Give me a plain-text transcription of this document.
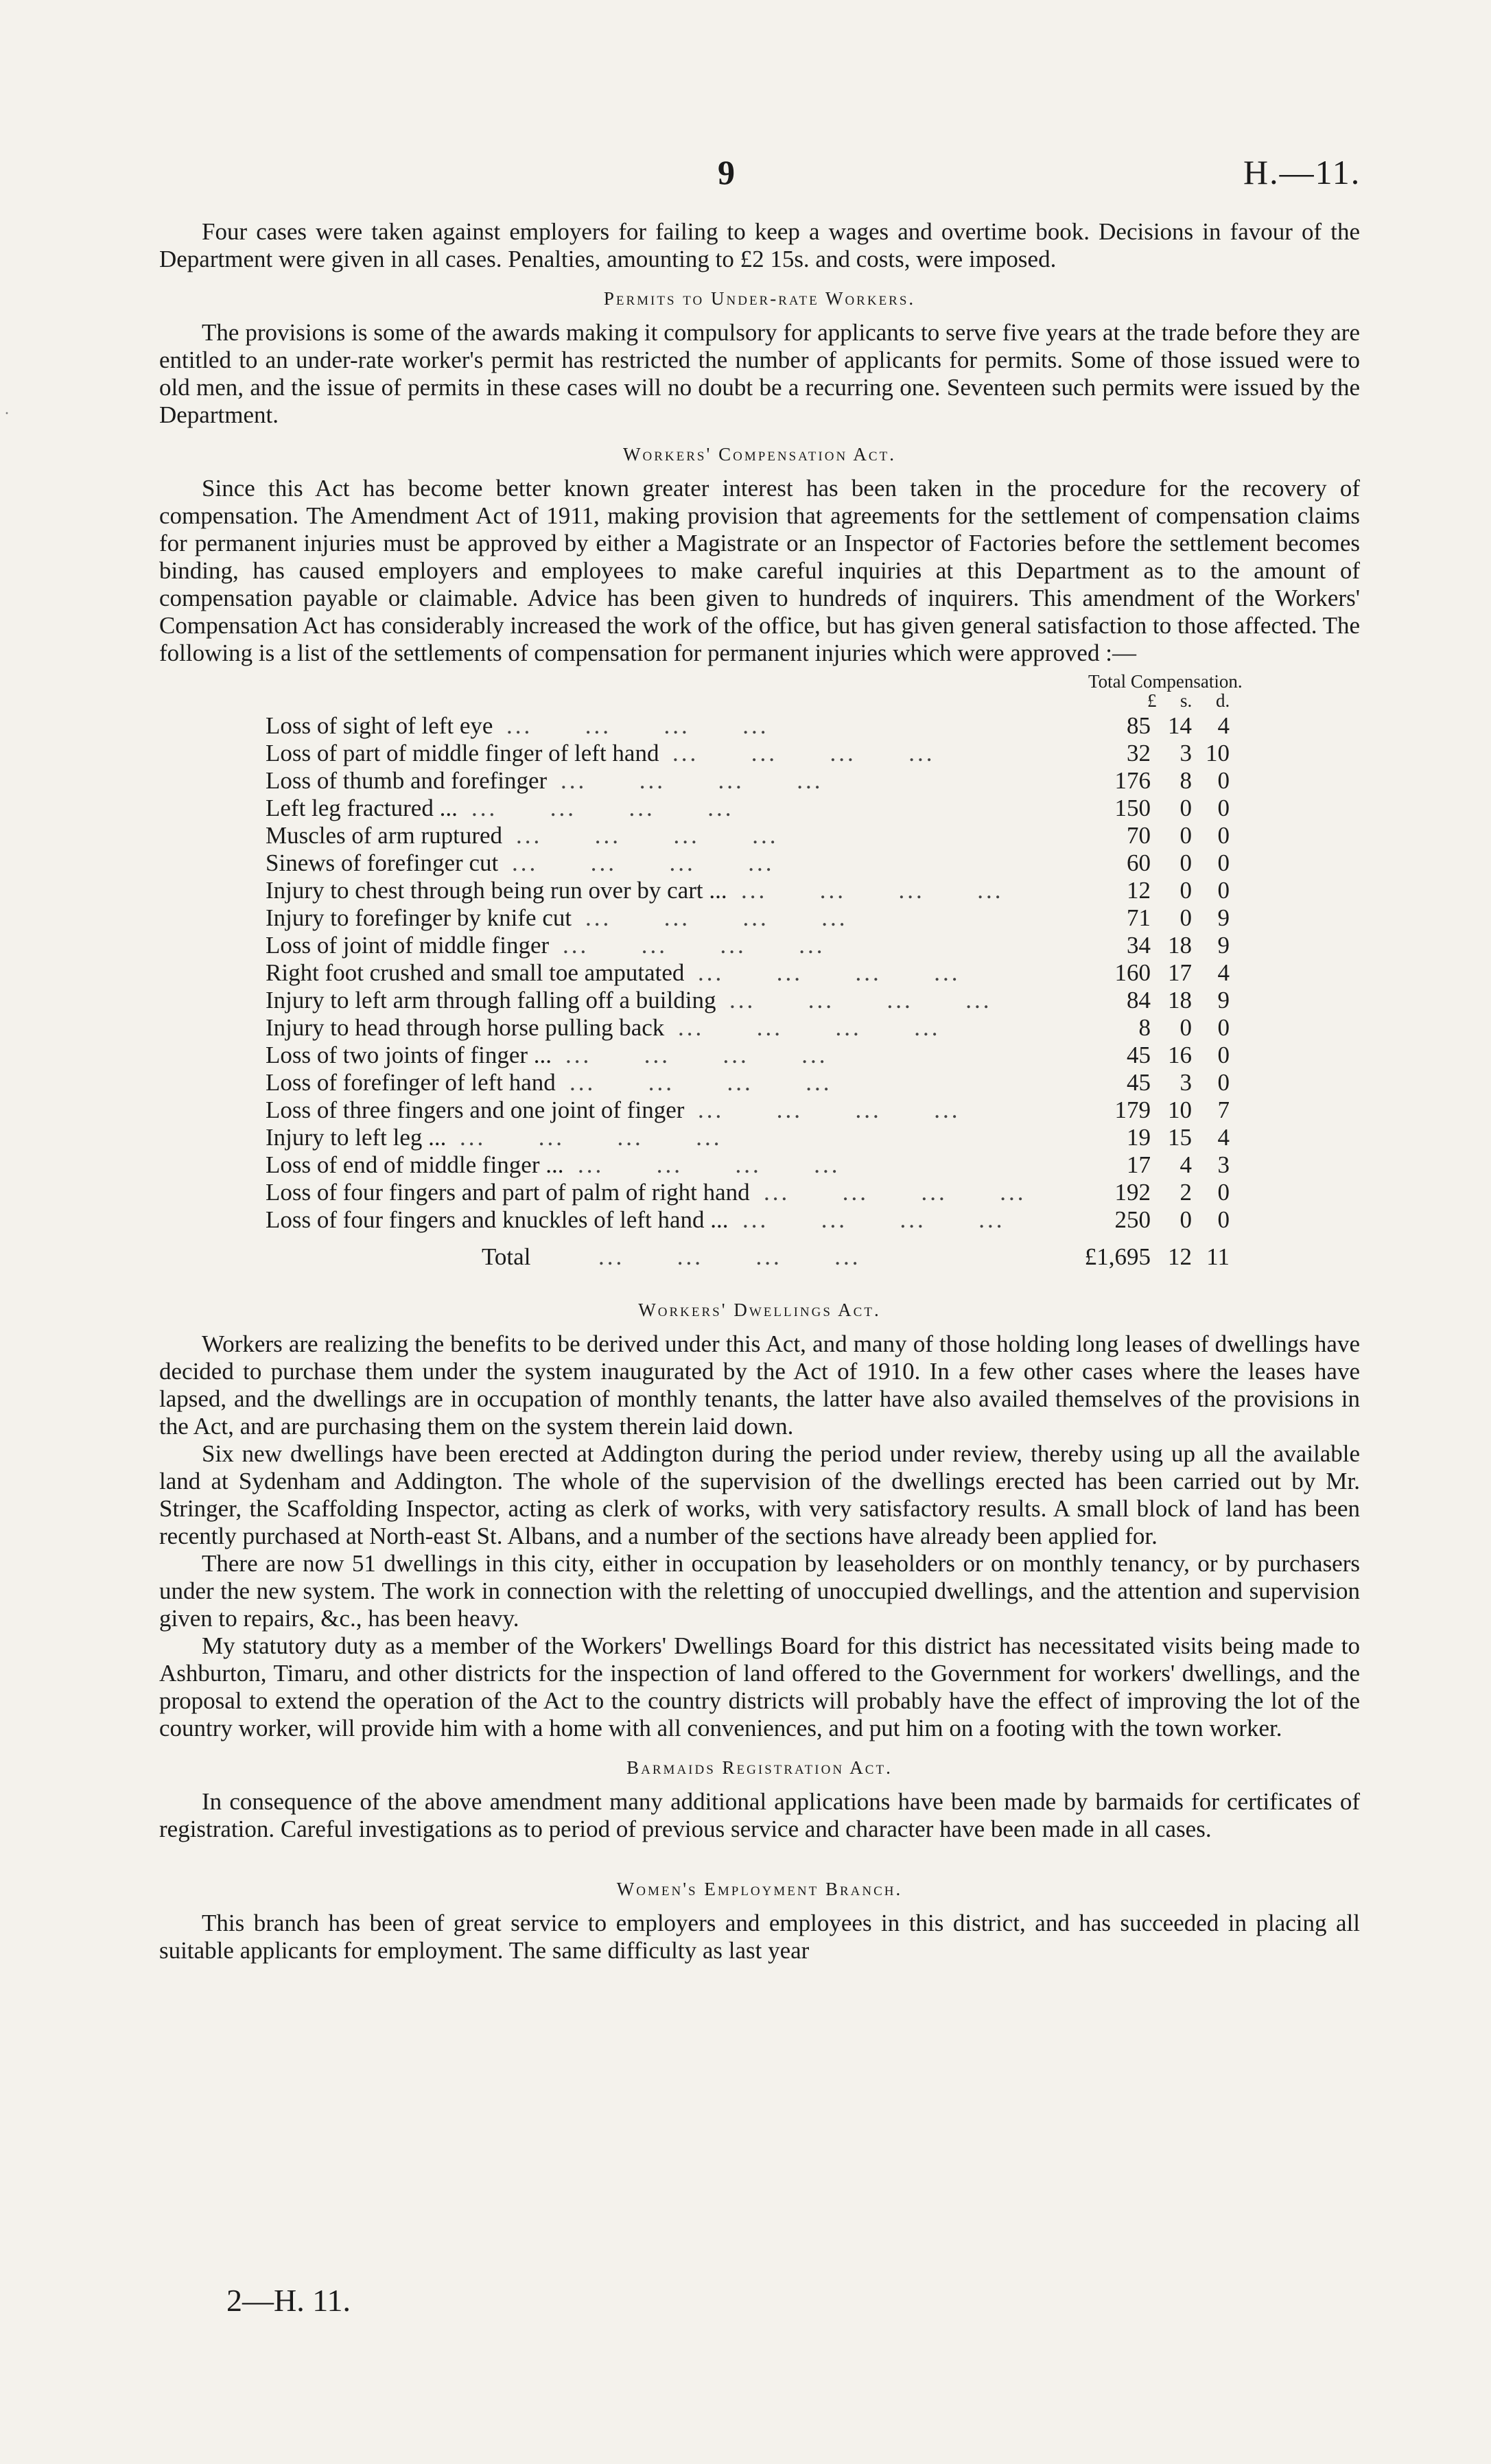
9	H.—11.

Four cases were taken against employers for failing to keep a wages and overtime book. Decisions in favour of the Department were given in all cases. Penalties, amounting to £2 15s. and costs, were imposed.

Permits to Under-rate Workers.

The provisions is some of the awards making it compulsory for applicants to serve five years at the trade before they are entitled to an under-rate worker's permit has restricted the number of applicants for permits. Some of those issued were to old men, and the issue of permits in these cases will no doubt be a recurring one. Seventeen such permits were issued by the Department.

Workers' Compensation Act.

Since this Act has become better known greater interest has been taken in the procedure for the recovery of compensation. The Amendment Act of 1911, making provision that agreements for the settlement of compensation claims for permanent injuries must be approved by either a Magistrate or an Inspector of Factories before the settlement becomes binding, has caused employers and employees to make careful inquiries at this Department as to the amount of compensation payable or claimable. Advice has been given to hundreds of inquirers. This amendment of the Workers' Compensation Act has considerably increased the work of the office, but has given general satisfaction to those affected. The following is a list of the settlements of compensation for permanent injuries which were approved :—

Total Compensation.
£ s. d.
Loss of sight of left eye ...      ...      ...      ...	85 14	4
Loss of part of middle finger of left hand ...      ...      ...      ...	32	3 10
Loss of thumb and forefinger ...      ...      ...      ...	176	8	0
Left leg fractured ... ...      ...      ...      ...	150	0	0
Muscles of arm ruptured ...      ...      ...      ...	70	0	0
Sinews of forefinger cut ...      ...      ...      ...	60	0	0
Injury to chest through being run over by cart ... ...      ...      ...      ...	12	0	0
Injury to forefinger by knife cut ...      ...      ...      ...	71	0	9
Loss of joint of middle finger ...      ...      ...      ...	34 18	9
Right foot crushed and small toe amputated ...      ...      ...      ...	160 17	4
Injury to left arm through falling off a building ...      ...      ...      ...	84 18	9
Injury to head through horse pulling back ...      ...      ...      ...	8	0	0
Loss of two joints of finger ... ...      ...      ...      ...	45 16	0
Loss of forefinger of left hand ...      ...      ...      ...	45	3	0
Loss of three fingers and one joint of finger ...      ...      ...      ...	179 10	7
Injury to left leg ... ...      ...      ...      ...	19 15	4
Loss of end of middle finger ... ...      ...      ...      ...	17	4	3
Loss of four fingers and part of palm of right hand ...      ...      ...      ...	192	2	0
Loss of four fingers and knuckles of left hand ... ...      ...      ...      ...	250	0	0
Total	...      ...      ...      ...	£1,695 12 11
Workers' Dwellings Act.

Workers are realizing the benefits to be derived under this Act, and many of those holding long leases of dwellings have decided to purchase them under the system inaugurated by the Act of 1910. In a few other cases where the leases have lapsed, and the dwellings are in occupation of monthly tenants, the latter have also availed themselves of the provisions in the Act, and are purchasing them on the system therein laid down.

Six new dwellings have been erected at Addington during the period under review, thereby using up all the available land at Sydenham and Addington. The whole of the supervision of the dwellings erected has been carried out by Mr. Stringer, the Scaffolding Inspector, acting as clerk of works, with very satisfactory results. A small block of land has been recently purchased at North-east St. Albans, and a number of the sections have already been applied for.

There are now 51 dwellings in this city, either in occupation by leaseholders or on monthly tenancy, or by purchasers under the new system. The work in connection with the reletting of unoccupied dwellings, and the attention and supervision given to repairs, &c., has been heavy.

My statutory duty as a member of the Workers' Dwellings Board for this district has necessitated visits being made to Ashburton, Timaru, and other districts for the inspection of land offered to the Government for workers' dwellings, and the proposal to extend the operation of the Act to the country districts will probably have the effect of improving the lot of the country worker, will provide him with a home with all conveniences, and put him on a footing with the town worker.

Barmaids Registration Act.

In consequence of the above amendment many additional applications have been made by barmaids for certificates of registration. Careful investigations as to period of previous service and character have been made in all cases.

Women's Employment Branch.

This branch has been of great service to employers and employees in this district, and has succeeded in placing all suitable applicants for employment. The same difficulty as last year

2—H. 11.
·
